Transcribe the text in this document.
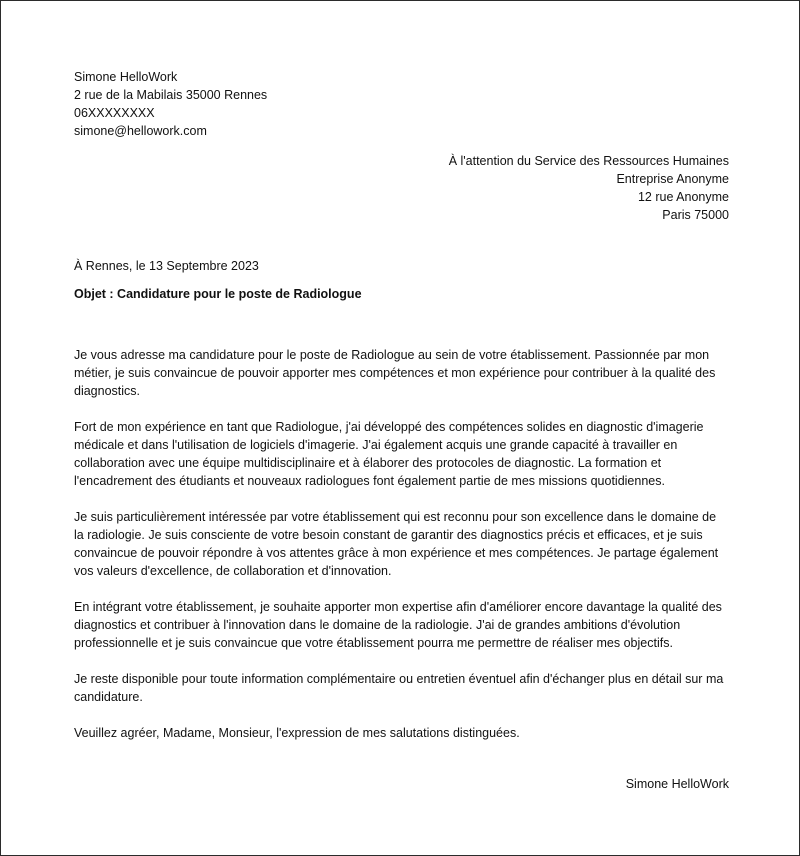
Simone HelloWork
2 rue de la Mabilais 35000 Rennes
06XXXXXXXX
simone@hellowork.com
À l'attention du Service des Ressources Humaines
Entreprise Anonyme
12 rue Anonyme
Paris 75000
À Rennes, le 13 Septembre 2023
Objet : Candidature pour le poste de Radiologue

Je vous adresse ma candidature pour le poste de Radiologue au sein de votre établissement. Passionnée par mon métier, je suis convaincue de pouvoir apporter mes compétences et mon expérience pour contribuer à la qualité des diagnostics.

Fort de mon expérience en tant que Radiologue, j'ai développé des compétences solides en diagnostic d'imagerie médicale et dans l'utilisation de logiciels d'imagerie. J'ai également acquis une grande capacité à travailler en collaboration avec une équipe multidisciplinaire et à élaborer des protocoles de diagnostic. La formation et l'encadrement des étudiants et nouveaux radiologues font également partie de mes missions quotidiennes.

Je suis particulièrement intéressée par votre établissement qui est reconnu pour son excellence dans le domaine de la radiologie. Je suis consciente de votre besoin constant de garantir des diagnostics précis et efficaces, et je suis convaincue de pouvoir répondre à vos attentes grâce à mon expérience et mes compétences. Je partage également vos valeurs d'excellence, de collaboration et d'innovation.

En intégrant votre établissement, je souhaite apporter mon expertise afin d'améliorer encore davantage la qualité des diagnostics et contribuer à l'innovation dans le domaine de la radiologie. J'ai de grandes ambitions d'évolution professionnelle et je suis convaincue que votre établissement pourra me permettre de réaliser mes objectifs.

Je reste disponible pour toute information complémentaire ou entretien éventuel afin d'échanger plus en détail sur ma candidature.

Veuillez agréer, Madame, Monsieur, l'expression de mes salutations distinguées.

Simone HelloWork
